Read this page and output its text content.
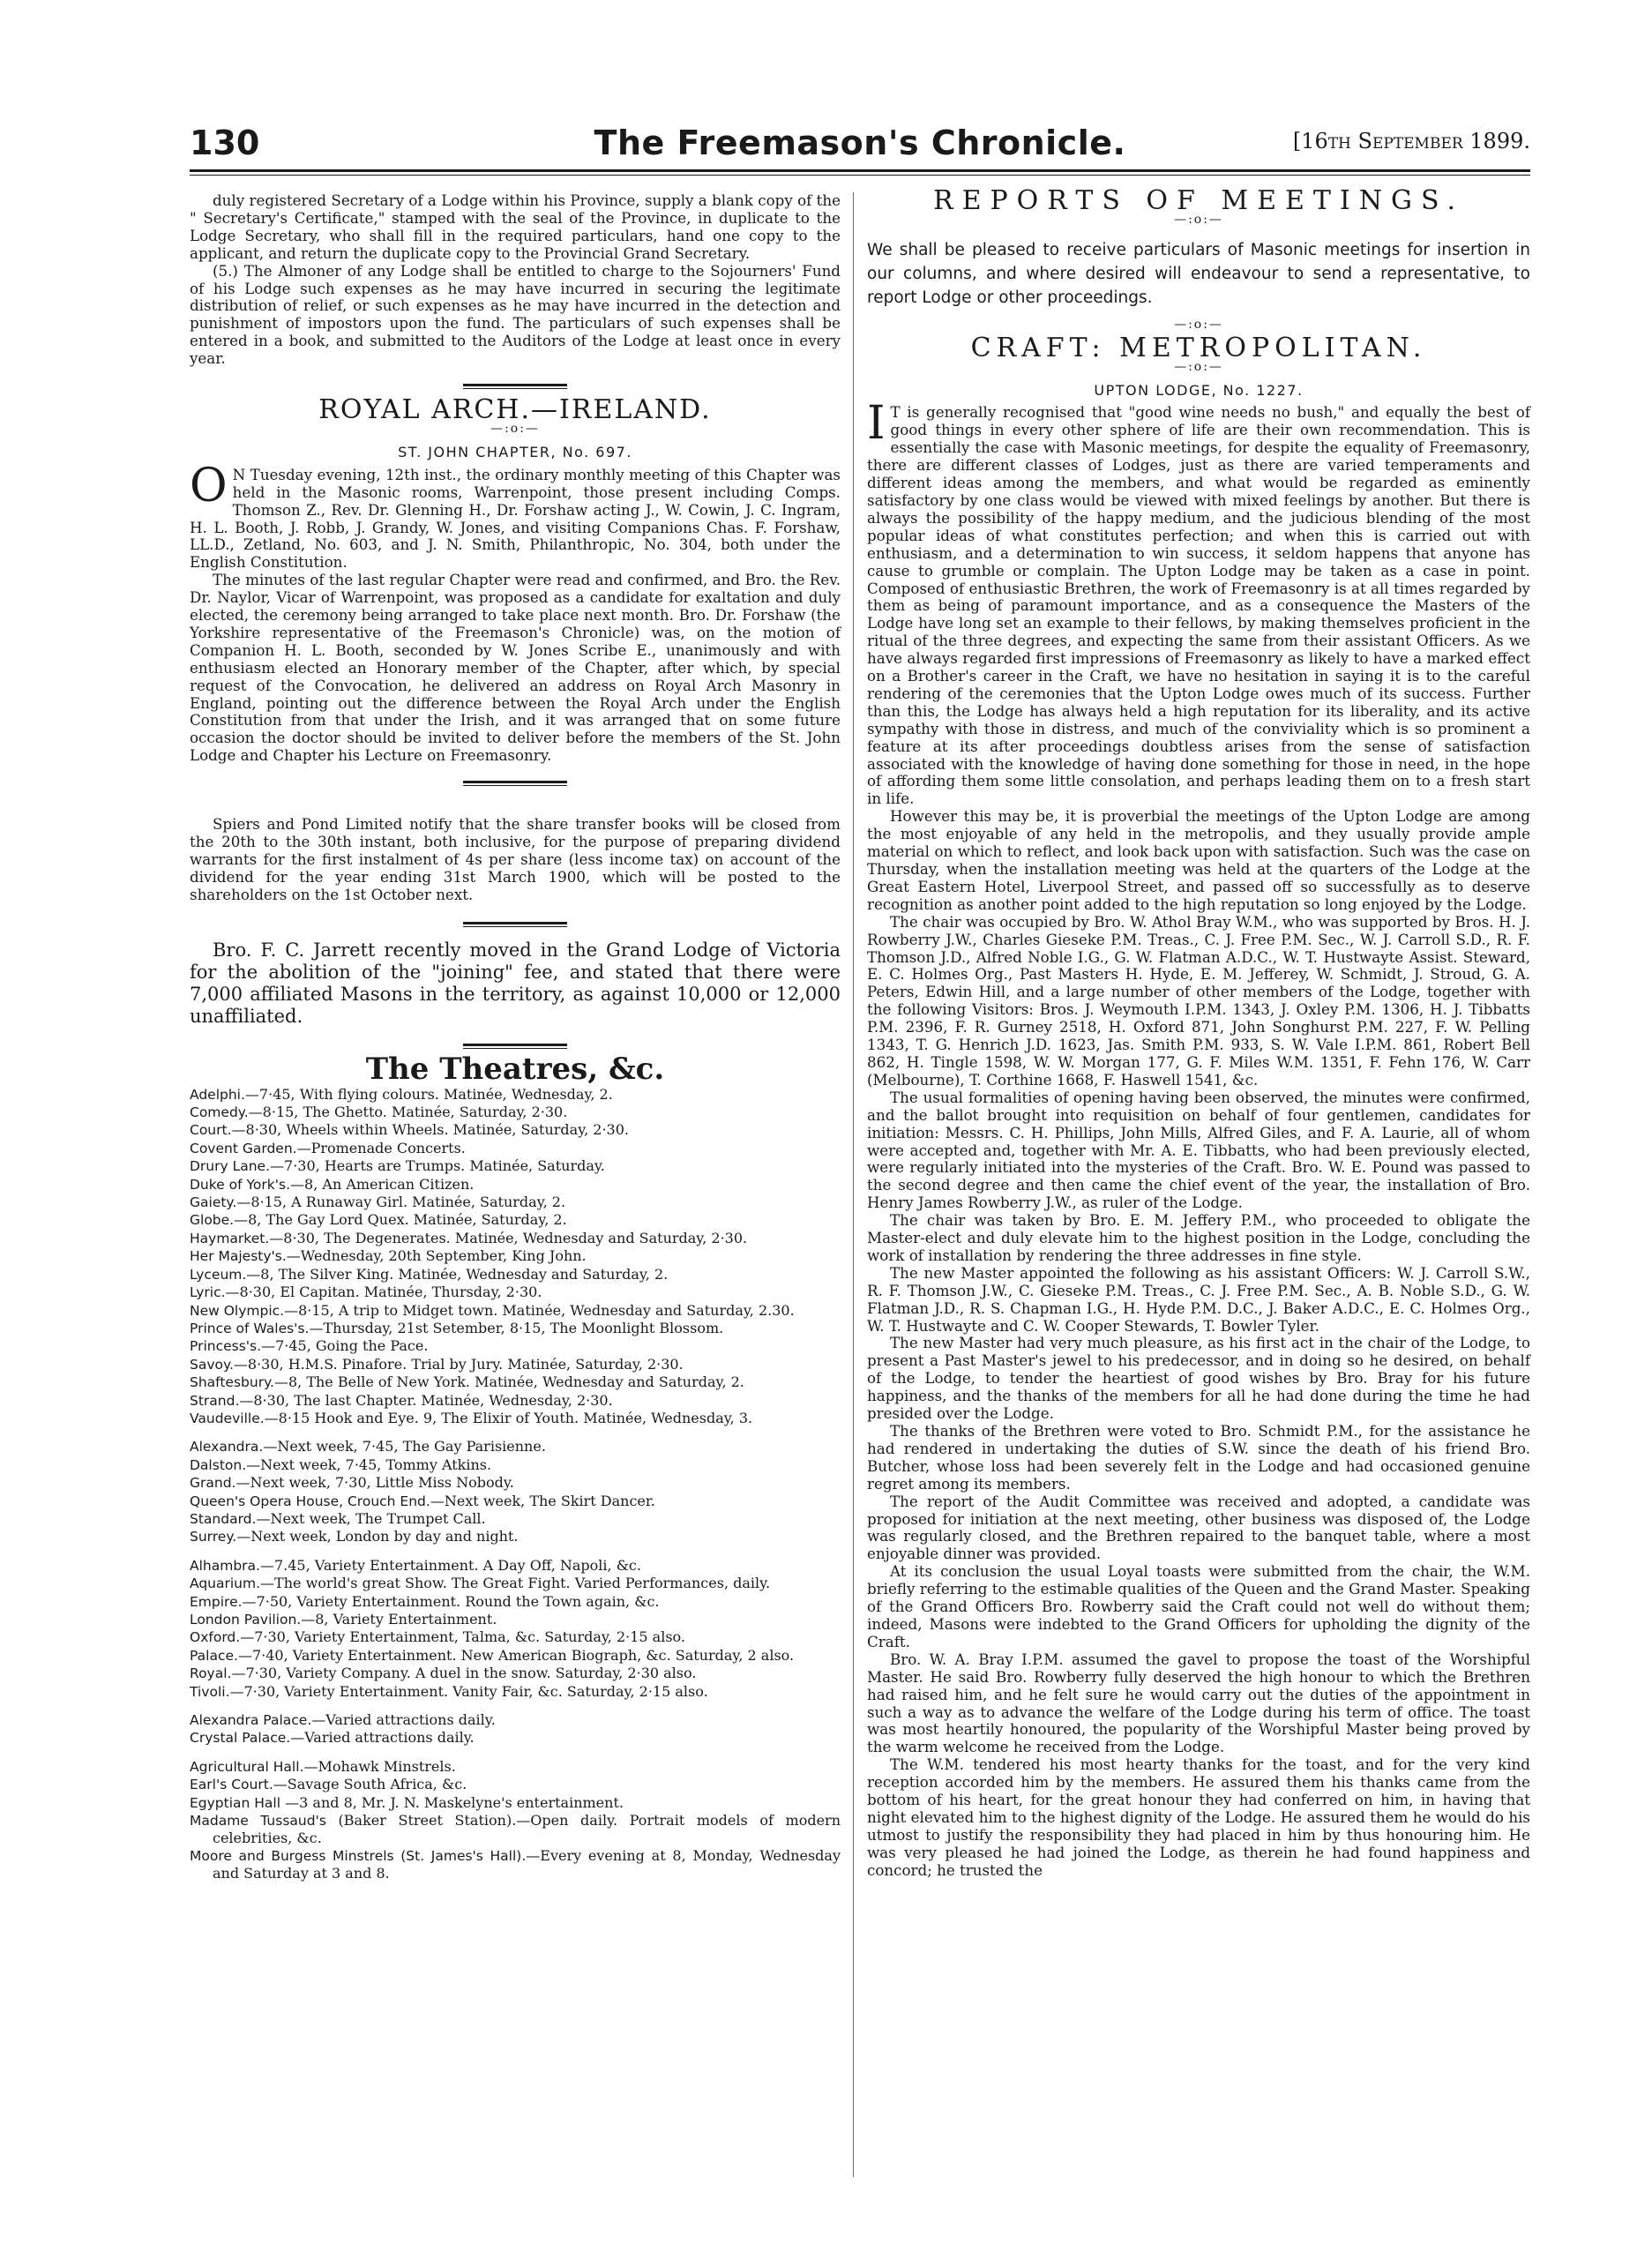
130	The Freemason's Chronicle.	[16th September 1899.

duly registered Secretary of a Lodge within his Province, supply a blank copy of the " Secretary's Certificate," stamped with the seal of the Province, in duplicate to the Lodge Secretary, who shall fill in the required particulars, hand one copy to the applicant, and return the duplicate copy to the Provincial Grand Secretary.

(5.) The Almoner of any Lodge shall be entitled to charge to the Sojourners' Fund of his Lodge such expenses as he may have incurred in securing the legitimate distribution of relief, or such expenses as he may have incurred in the detection and punishment of impostors upon the fund. The particulars of such expenses shall be entered in a book, and submitted to the Auditors of the Lodge at least once in every year.

ROYAL ARCH.—IRELAND.
—:o:—
ST. JOHN CHAPTER, No. 697.

O N Tuesday evening, 12th inst., the ordinary monthly meeting of this Chapter was held in the Masonic rooms, Warrenpoint, those present including Comps. Thomson Z., Rev. Dr. Glenning H., Dr. Forshaw acting J., W. Cowin, J. C. Ingram, H. L. Booth, J. Robb, J. Grandy, W. Jones, and visiting Companions Chas. F. Forshaw, LL.D., Zetland, No. 603, and J. N. Smith, Philanthropic, No. 304, both under the English Constitution.

The minutes of the last regular Chapter were read and confirmed, and Bro. the Rev. Dr. Naylor, Vicar of Warrenpoint, was proposed as a candidate for exaltation and duly elected, the ceremony being arranged to take place next month. Bro. Dr. Forshaw (the Yorkshire representative of the Freemason's Chronicle) was, on the motion of Companion H. L. Booth, seconded by W. Jones Scribe E., unanimously and with enthusiasm elected an Honorary member of the Chapter, after which, by special request of the Convocation, he delivered an address on Royal Arch Masonry in England, pointing out the difference between the Royal Arch under the English Constitution from that under the Irish, and it was arranged that on some future occasion the doctor should be invited to deliver before the members of the St. John Lodge and Chapter his Lecture on Freemasonry.

Spiers and Pond Limited notify that the share transfer books will be closed from the 20th to the 30th instant, both inclusive, for the purpose of preparing dividend warrants for the first instalment of 4s per share (less income tax) on account of the dividend for the year ending 31st March 1900, which will be posted to the shareholders on the 1st October next.

Bro. F. C. Jarrett recently moved in the Grand Lodge of Victoria for the abolition of the "joining" fee, and stated that there were 7,000 affiliated Masons in the territory, as against 10,000 or 12,000 unaffiliated.

The Theatres, &c.

Adelphi.—7·45, With flying colours. Matinée, Wednesday, 2.

Comedy.—8·15, The Ghetto. Matinée, Saturday, 2·30.

Court.—8·30, Wheels within Wheels. Matinée, Saturday, 2·30.

Covent Garden.—Promenade Concerts.

Drury Lane.—7·30, Hearts are Trumps. Matinée, Saturday.

Duke of York's.—8, An American Citizen.

Gaiety.—8·15, A Runaway Girl. Matinée, Saturday, 2.

Globe.—8, The Gay Lord Quex. Matinée, Saturday, 2.

Haymarket.—8·30, The Degenerates. Matinée, Wednesday and Saturday, 2·30.

Her Majesty's.—Wednesday, 20th September, King John.

Lyceum.—8, The Silver King. Matinée, Wednesday and Saturday, 2.

Lyric.—8·30, El Capitan. Matinée, Thursday, 2·30.

New Olympic.—8·15, A trip to Midget town. Matinée, Wednesday and Saturday, 2.30.

Prince of Wales's.—Thursday, 21st Setember, 8·15, The Moonlight Blossom.

Princess's.—7·45, Going the Pace.

Savoy.—8·30, H.M.S. Pinafore. Trial by Jury. Matinée, Saturday, 2·30.

Shaftesbury.—8, The Belle of New York. Matinée, Wednesday and Saturday, 2.

Strand.—8·30, The last Chapter. Matinée, Wednesday, 2·30.

Vaudeville.—8·15 Hook and Eye. 9, The Elixir of Youth. Matinée, Wednesday, 3.

Alexandra.—Next week, 7·45, The Gay Parisienne.

Dalston.—Next week, 7·45, Tommy Atkins.

Grand.—Next week, 7·30, Little Miss Nobody.

Queen's Opera House, Crouch End.—Next week, The Skirt Dancer.

Standard.—Next week, The Trumpet Call.

Surrey.—Next week, London by day and night.

Alhambra.—7.45, Variety Entertainment. A Day Off, Napoli, &c.

Aquarium.—The world's great Show. The Great Fight. Varied Performances, daily.

Empire.—7·50, Variety Entertainment. Round the Town again, &c.

London Pavilion.—8, Variety Entertainment.

Oxford.—7·30, Variety Entertainment, Talma, &c. Saturday, 2·15 also.

Palace.—7·40, Variety Entertainment. New American Biograph, &c. Saturday, 2 also.

Royal.—7·30, Variety Company. A duel in the snow. Saturday, 2·30 also.

Tivoli.—7·30, Variety Entertainment. Vanity Fair, &c. Saturday, 2·15 also.

Alexandra Palace.—Varied attractions daily.

Crystal Palace.—Varied attractions daily.

Agricultural Hall.—Mohawk Minstrels.

Earl's Court.—Savage South Africa, &c.

Egyptian Hall —3 and 8, Mr. J. N. Maskelyne's entertainment.

Madame Tussaud's (Baker Street Station).—Open daily. Portrait models of modern celebrities, &c.

Moore and Burgess Minstrels (St. James's Hall).—Every evening at 8, Monday, Wednesday and Saturday at 3 and 8.

REPORTS OF MEETINGS.
—:o:—
We shall be pleased to receive particulars of Masonic meetings for insertion in our columns, and where desired will endeavour to send a representative, to report Lodge or other proceedings.
—:o:—
CRAFT: METROPOLITAN.
—:o:—
UPTON LODGE, No. 1227.

I T is generally recognised that "good wine needs no bush," and equally the best of good things in every other sphere of life are their own recommendation. This is essentially the case with Masonic meetings, for despite the equality of Freemasonry, there are different classes of Lodges, just as there are varied temperaments and different ideas among the members, and what would be regarded as eminently satisfactory by one class would be viewed with mixed feelings by another. But there is always the possibility of the happy medium, and the judicious blending of the most popular ideas of what constitutes perfection; and when this is carried out with enthusiasm, and a determination to win success, it seldom happens that anyone has cause to grumble or complain. The Upton Lodge may be taken as a case in point. Composed of enthusiastic Brethren, the work of Freemasonry is at all times regarded by them as being of paramount importance, and as a consequence the Masters of the Lodge have long set an example to their fellows, by making themselves proficient in the ritual of the three degrees, and expecting the same from their assistant Officers. As we have always regarded first impressions of Freemasonry as likely to have a marked effect on a Brother's career in the Craft, we have no hesitation in saying it is to the careful rendering of the ceremonies that the Upton Lodge owes much of its success. Further than this, the Lodge has always held a high reputation for its liberality, and its active sympathy with those in distress, and much of the conviviality which is so prominent a feature at its after proceedings doubtless arises from the sense of satisfaction associated with the knowledge of having done something for those in need, in the hope of affording them some little consolation, and perhaps leading them on to a fresh start in life.

However this may be, it is proverbial the meetings of the Upton Lodge are among the most enjoyable of any held in the metropolis, and they usually provide ample material on which to reflect, and look back upon with satisfaction. Such was the case on Thursday, when the installation meeting was held at the quarters of the Lodge at the Great Eastern Hotel, Liverpool Street, and passed off so successfully as to deserve recognition as another point added to the high reputation so long enjoyed by the Lodge.

The chair was occupied by Bro. W. Athol Bray W.M., who was supported by Bros. H. J. Rowberry J.W., Charles Gieseke P.M. Treas., C. J. Free P.M. Sec., W. J. Carroll S.D., R. F. Thomson J.D., Alfred Noble I.G., G. W. Flatman A.D.C., W. T. Hustwayte Assist. Steward, E. C. Holmes Org., Past Masters H. Hyde, E. M. Jefferey, W. Schmidt, J. Stroud, G. A. Peters, Edwin Hill, and a large number of other members of the Lodge, together with the following Visitors: Bros. J. Weymouth I.P.M. 1343, J. Oxley P.M. 1306, H. J. Tibbatts P.M. 2396, F. R. Gurney 2518, H. Oxford 871, John Songhurst P.M. 227, F. W. Pelling 1343, T. G. Henrich J.D. 1623, Jas. Smith P.M. 933, S. W. Vale I.P.M. 861, Robert Bell 862, H. Tingle 1598, W. W. Morgan 177, G. F. Miles W.M. 1351, F. Fehn 176, W. Carr (Melbourne), T. Corthine 1668, F. Haswell 1541, &c.

The usual formalities of opening having been observed, the minutes were confirmed, and the ballot brought into requisition on behalf of four gentlemen, candidates for initiation: Messrs. C. H. Phillips, John Mills, Alfred Giles, and F. A. Laurie, all of whom were accepted and, together with Mr. A. E. Tibbatts, who had been previously elected, were regularly initiated into the mysteries of the Craft. Bro. W. E. Pound was passed to the second degree and then came the chief event of the year, the installation of Bro. Henry James Rowberry J.W., as ruler of the Lodge.

The chair was taken by Bro. E. M. Jeffery P.M., who proceeded to obligate the Master-elect and duly elevate him to the highest position in the Lodge, concluding the work of installation by rendering the three addresses in fine style.

The new Master appointed the following as his assistant Officers: W. J. Carroll S.W., R. F. Thomson J.W., C. Gieseke P.M. Treas., C. J. Free P.M. Sec., A. B. Noble S.D., G. W. Flatman J.D., R. S. Chapman I.G., H. Hyde P.M. D.C., J. Baker A.D.C., E. C. Holmes Org., W. T. Hustwayte and C. W. Cooper Stewards, T. Bowler Tyler.

The new Master had very much pleasure, as his first act in the chair of the Lodge, to present a Past Master's jewel to his predecessor, and in doing so he desired, on behalf of the Lodge, to tender the heartiest of good wishes by Bro. Bray for his future happiness, and the thanks of the members for all he had done during the time he had presided over the Lodge.

The thanks of the Brethren were voted to Bro. Schmidt P.M., for the assistance he had rendered in undertaking the duties of S.W. since the death of his friend Bro. Butcher, whose loss had been severely felt in the Lodge and had occasioned genuine regret among its members.

The report of the Audit Committee was received and adopted, a candidate was proposed for initiation at the next meeting, other business was disposed of, the Lodge was regularly closed, and the Brethren repaired to the banquet table, where a most enjoyable dinner was provided.

At its conclusion the usual Loyal toasts were submitted from the chair, the W.M. briefly referring to the estimable qualities of the Queen and the Grand Master. Speaking of the Grand Officers Bro. Rowberry said the Craft could not well do without them; indeed, Masons were indebted to the Grand Officers for upholding the dignity of the Craft.

Bro. W. A. Bray I.P.M. assumed the gavel to propose the toast of the Worshipful Master. He said Bro. Rowberry fully deserved the high honour to which the Brethren had raised him, and he felt sure he would carry out the duties of the appointment in such a way as to advance the welfare of the Lodge during his term of office. The toast was most heartily honoured, the popularity of the Worshipful Master being proved by the warm welcome he received from the Lodge.

The W.M. tendered his most hearty thanks for the toast, and for the very kind reception accorded him by the members. He assured them his thanks came from the bottom of his heart, for the great honour they had conferred on him, in having that night elevated him to the highest dignity of the Lodge. He assured them he would do his utmost to justify the responsibility they had placed in him by thus honouring him. He was very pleased he had joined the Lodge, as therein he had found happiness and concord; he trusted the
